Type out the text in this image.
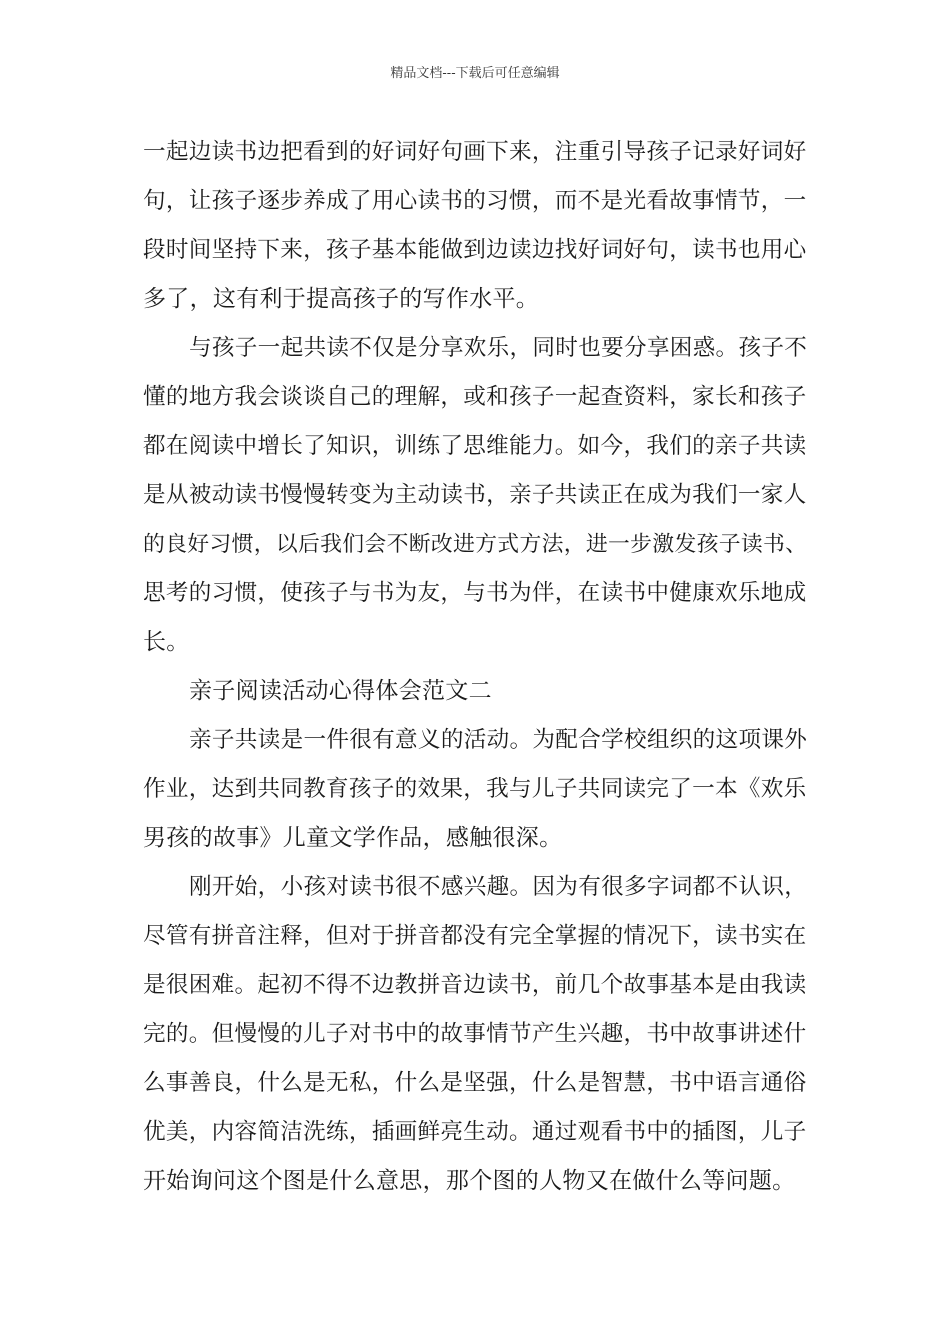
精品文档---下载后可任意编辑
一起边读书边把看到的好词好句画下来，注重引导孩子记录好词好
句，让孩子逐步养成了用心读书的习惯，而不是光看故事情节，一
段时间坚持下来，孩子基本能做到边读边找好词好句，读书也用心
多了，这有利于提高孩子的写作水平。
与孩子一起共读不仅是分享欢乐，同时也要分享困惑。孩子不
懂的地方我会谈谈自己的理解，或和孩子一起查资料，家长和孩子
都在阅读中增长了知识，训练了思维能力。如今，我们的亲子共读
是从被动读书慢慢转变为主动读书，亲子共读正在成为我们一家人
的良好习惯，以后我们会不断改进方式方法，进一步激发孩子读书、
思考的习惯，使孩子与书为友，与书为伴，在读书中健康欢乐地成
长。
亲子阅读活动心得体会范文二
亲子共读是一件很有意义的活动。为配合学校组织的这项课外
作业，达到共同教育孩子的效果，我与儿子共同读完了一本《欢乐
男孩的故事》儿童文学作品，感触很深。
刚开始，小孩对读书很不感兴趣。因为有很多字词都不认识，
尽管有拼音注释，但对于拼音都没有完全掌握的情况下，读书实在
是很困难。起初不得不边教拼音边读书，前几个故事基本是由我读
完的。但慢慢的儿子对书中的故事情节产生兴趣，书中故事讲述什
么事善良，什么是无私，什么是坚强，什么是智慧，书中语言通俗
优美，内容简洁洗练，插画鲜亮生动。通过观看书中的插图，儿子
开始询问这个图是什么意思，那个图的人物又在做什么等问题。
